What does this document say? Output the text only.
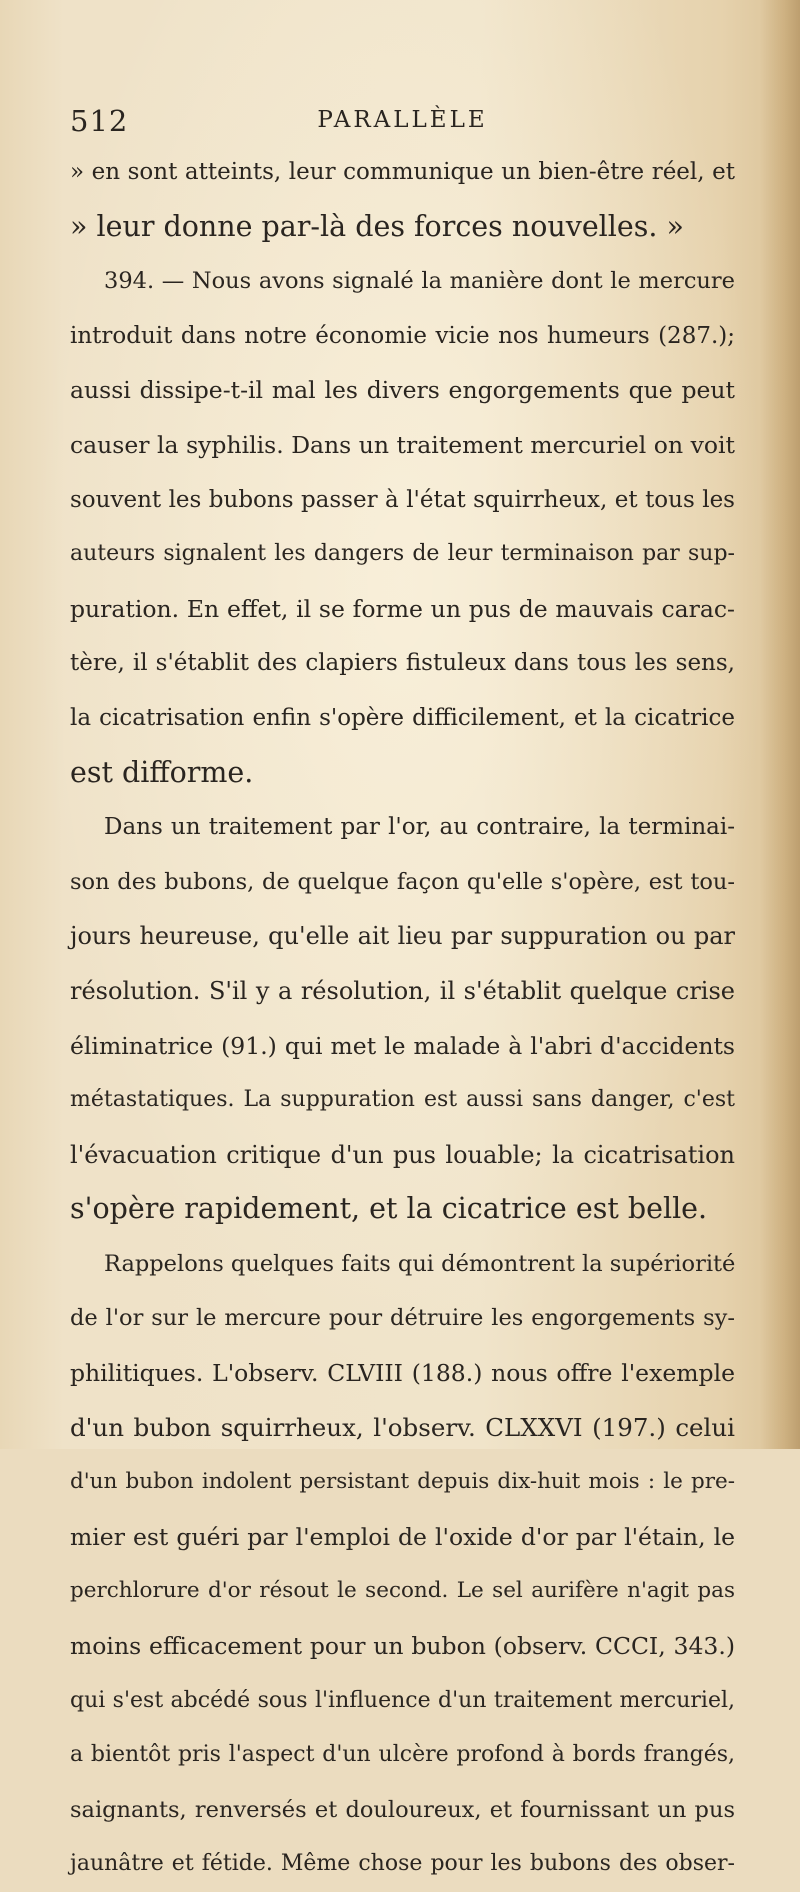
512	PARALLÈLE
» en sont atteints, leur communique un bien-être réel, et
» leur donne par-là des forces nouvelles. »
394. — Nous avons signalé la manière dont le mercure
introduit dans notre économie vicie nos humeurs (287.);
aussi dissipe-t-il mal les divers engorgements que peut
causer la syphilis. Dans un traitement mercuriel on voit
souvent les bubons passer à l'état squirrheux, et tous les
auteurs signalent les dangers de leur terminaison par sup-
puration. En effet, il se forme un pus de mauvais carac-
tère, il s'établit des clapiers fistuleux dans tous les sens,
la cicatrisation enfin s'opère difficilement, et la cicatrice
est difforme.
Dans un traitement par l'or, au contraire, la terminai-
son des bubons, de quelque façon qu'elle s'opère, est tou-
jours heureuse, qu'elle ait lieu par suppuration ou par
résolution. S'il y a résolution, il s'établit quelque crise
éliminatrice (91.) qui met le malade à l'abri d'accidents
métastatiques. La suppuration est aussi sans danger, c'est
l'évacuation critique d'un pus louable; la cicatrisation
s'opère rapidement, et la cicatrice est belle.
Rappelons quelques faits qui démontrent la supériorité
de l'or sur le mercure pour détruire les engorgements sy-
philitiques. L'observ. CLVIII (188.) nous offre l'exemple
d'un bubon squirrheux, l'observ. CLXXVI (197.) celui
d'un bubon indolent persistant depuis dix-huit mois : le pre-
mier est guéri par l'emploi de l'oxide d'or par l'étain, le
perchlorure d'or résout le second. Le sel aurifère n'agit pas
moins efficacement pour un bubon (observ. CCCI, 343.)
qui s'est abcédé sous l'influence d'un traitement mercuriel,
a bientôt pris l'aspect d'un ulcère profond à bords frangés,
saignants, renversés et douloureux, et fournissant un pus
jaunâtre et fétide. Même chose pour les bubons des obser-
